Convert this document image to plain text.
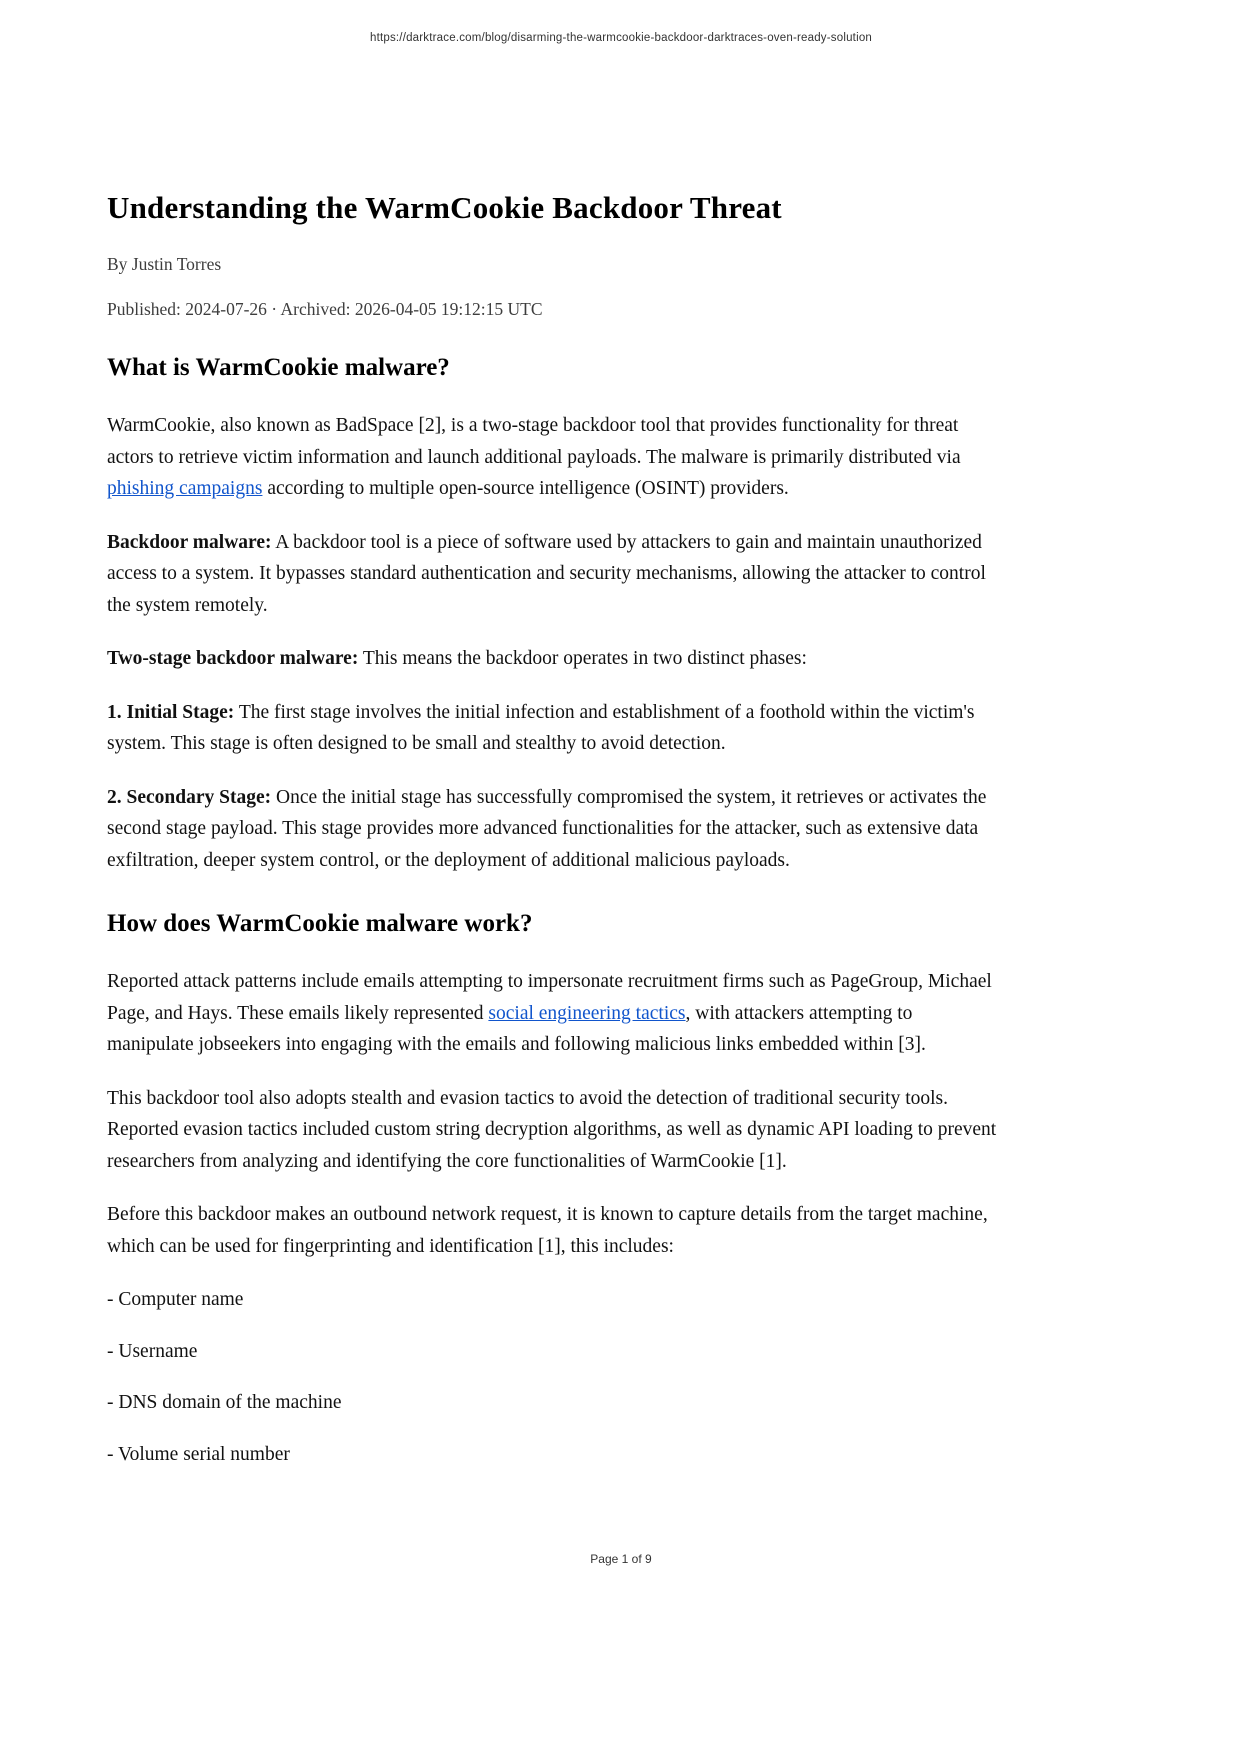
https://darktrace.com/blog/disarming-the-warmcookie-backdoor-darktraces-oven-ready-solution
Understanding the WarmCookie Backdoor Threat

By Justin Torres

Published: 2024-07-26 · Archived: 2026-04-05 19:12:15 UTC

What is WarmCookie malware?

WarmCookie, also known as BadSpace [2], is a two-stage backdoor tool that provides functionality for threat actors to retrieve victim information and launch additional payloads. The malware is primarily distributed via phishing campaigns according to multiple open-source intelligence (OSINT) providers.

Backdoor malware: A backdoor tool is a piece of software used by attackers to gain and maintain unauthorized access to a system. It bypasses standard authentication and security mechanisms, allowing the attacker to control the system remotely.

Two-stage backdoor malware: This means the backdoor operates in two distinct phases:

1. Initial Stage: The first stage involves the initial infection and establishment of a foothold within the victim's system. This stage is often designed to be small and stealthy to avoid detection.

2. Secondary Stage: Once the initial stage has successfully compromised the system, it retrieves or activates the second stage payload. This stage provides more advanced functionalities for the attacker, such as extensive data exfiltration, deeper system control, or the deployment of additional malicious payloads.

How does WarmCookie malware work?

Reported attack patterns include emails attempting to impersonate recruitment firms such as PageGroup, Michael Page, and Hays. These emails likely represented social engineering tactics, with attackers attempting to manipulate jobseekers into engaging with the emails and following malicious links embedded within [3].

This backdoor tool also adopts stealth and evasion tactics to avoid the detection of traditional security tools. Reported evasion tactics included custom string decryption algorithms, as well as dynamic API loading to prevent researchers from analyzing and identifying the core functionalities of WarmCookie [1].

Before this backdoor makes an outbound network request, it is known to capture details from the target machine, which can be used for fingerprinting and identification [1], this includes:

- Computer name

- Username

- DNS domain of the machine

- Volume serial number

Page 1 of 9
